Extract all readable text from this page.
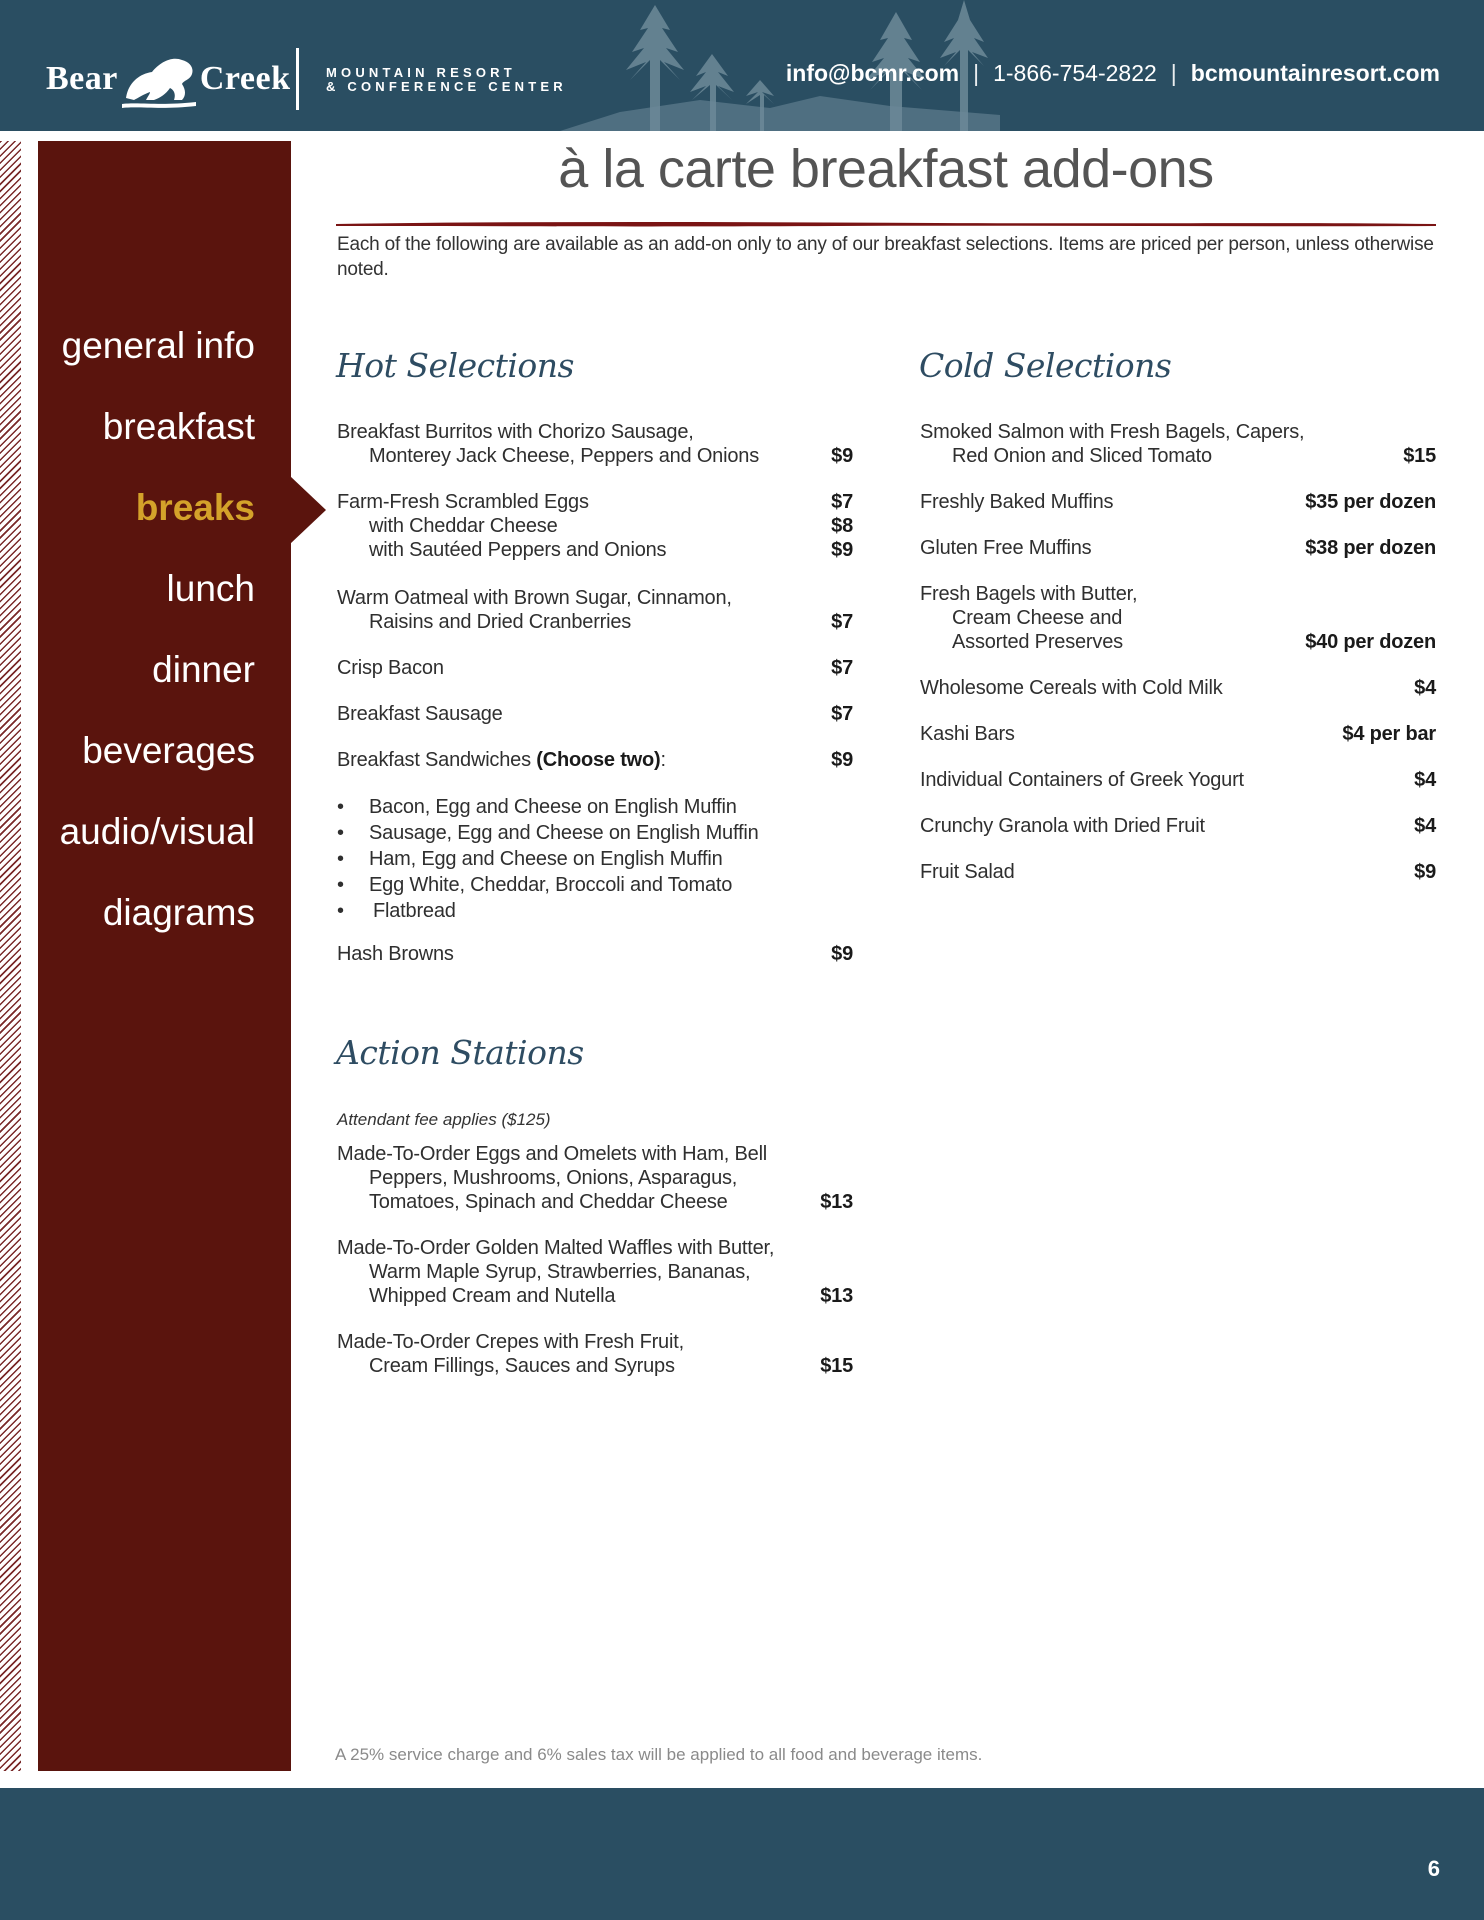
Bear Creek	MOUNTAIN RESORT
& CONFERENCE CENTER
info@bcmr.com | 1-866-754-2822 | bcmountainresort.com
general info
breakfast
breaks
lunch
dinner
beverages
audio/visual
diagrams
à la carte breakfast add-ons

Each of the following are available as an add-on only to any of our breakfast selections. Items are priced per person, unless otherwise noted.

Hot Selections
Breakfast Burritos with Chorizo Sausage,
Monterey Jack Cheese, Peppers and Onions	$9
Farm-Fresh Scrambled Eggs	$7
with Cheddar Cheese	$8
with Sautéed Peppers and Onions	$9
Warm Oatmeal with Brown Sugar, Cinnamon,
Raisins and Dried Cranberries	$7
Crisp Bacon	$7
Breakfast Sausage	$7
Breakfast Sandwiches (Choose two):	$9
• Bacon, Egg and Cheese on English Muffin
• Sausage, Egg and Cheese on English Muffin
• Ham, Egg and Cheese on English Muffin
• Egg White, Cheddar, Broccoli and Tomato
• Flatbread
Hash Browns	$9
Action Stations
Attendant fee applies ($125)
Made-To-Order Eggs and Omelets with Ham, Bell
Peppers, Mushrooms, Onions, Asparagus,
Tomatoes, Spinach and Cheddar Cheese	$13
Made-To-Order Golden Malted Waffles with Butter,
Warm Maple Syrup, Strawberries, Bananas,
Whipped Cream and Nutella	$13
Made-To-Order Crepes with Fresh Fruit,
Cream Fillings, Sauces and Syrups	$15
Cold Selections
Smoked Salmon with Fresh Bagels, Capers,
Red Onion and Sliced Tomato	$15
Freshly Baked Muffins	$35 per dozen
Gluten Free Muffins	$38 per dozen
Fresh Bagels with Butter,
Cream Cheese and
Assorted Preserves	$40 per dozen
Wholesome Cereals with Cold Milk	$4
Kashi Bars	$4 per bar
Individual Containers of Greek Yogurt	$4
Crunchy Granola with Dried Fruit	$4
Fruit Salad	$9
A 25% service charge and 6% sales tax will be applied to all food and beverage items.
6
